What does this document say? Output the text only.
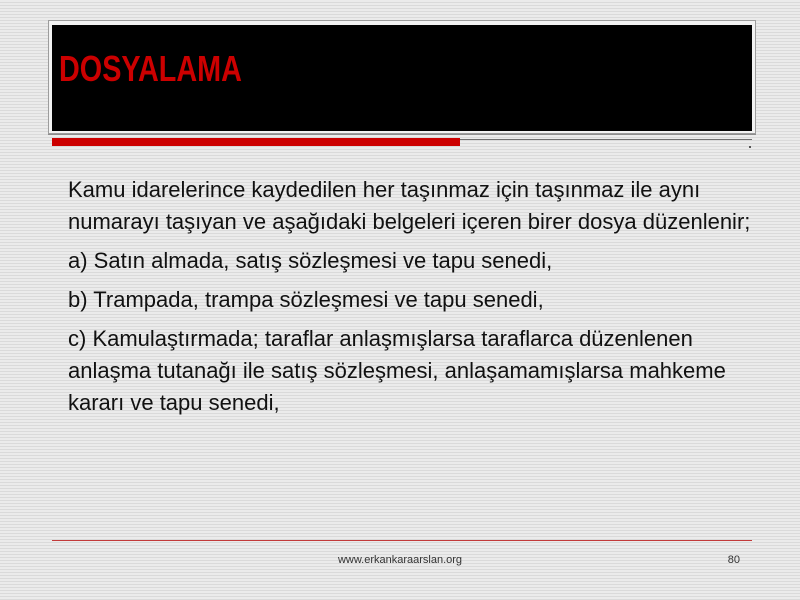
DOSYALAMA

Kamu idarelerince kaydedilen her taşınmaz için taşınmaz ile aynı
numarayı taşıyan ve aşağıdaki belgeleri içeren birer dosya düzenlenir;

a) Satın almada, satış sözleşmesi ve tapu senedi,

b) Trampada, trampa sözleşmesi ve tapu senedi,

c) Kamulaştırmada; taraflar anlaşmışlarsa taraflarca düzenlenen
anlaşma tutanağı ile satış sözleşmesi, anlaşamamışlarsa mahkeme
kararı ve tapu senedi,

www.erkankaraarslan.org	80
